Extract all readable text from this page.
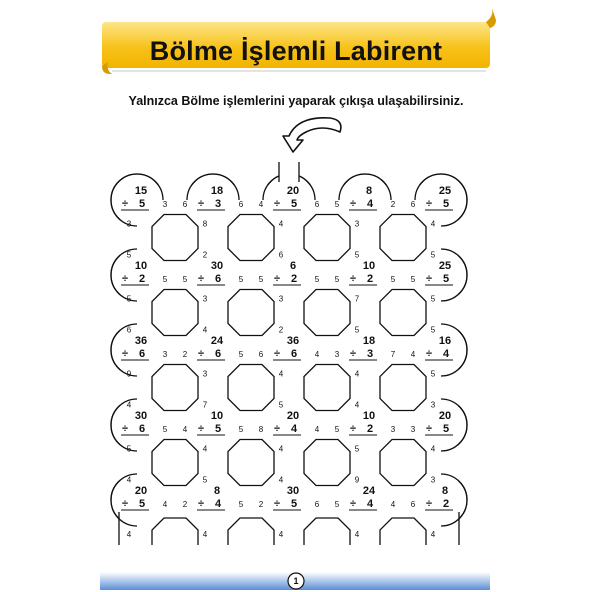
Bölme İşlemli Labirent
Yalnızca Bölme işlemlerini yaparak çıkışa ulaşabilirsiniz.
15
÷ 5
18
÷ 3
20
÷ 5
8
÷ 4
25
÷ 5
10
÷ 2
30
÷ 6
6
÷ 2
10
÷ 2
25
÷ 5
36
÷ 6
24
÷ 6
36
÷ 6
18
÷ 3
16
÷ 4
30
÷ 6
10
÷ 5
20
÷ 4
10
÷ 2
20
÷ 5
20
÷ 5
8
÷ 4
30
÷ 5
24
÷ 4
8
÷ 2
3 6	6 4	6 5	2 6
5 5	5 5	5 5	5 5
3 2	5 6	4 3	7 4
5 4	5 8	4 5	3 3
4 2	5 2	6 5	4 6
3
5
8
2
4
6
3
5
4
5
5
6
3
4
3
2
7
5
5
5
9
4
3
7
4
5
4
4
5
3
5
4
4
5
4
4
5
9
4
3
4	4	4	4	4
1
